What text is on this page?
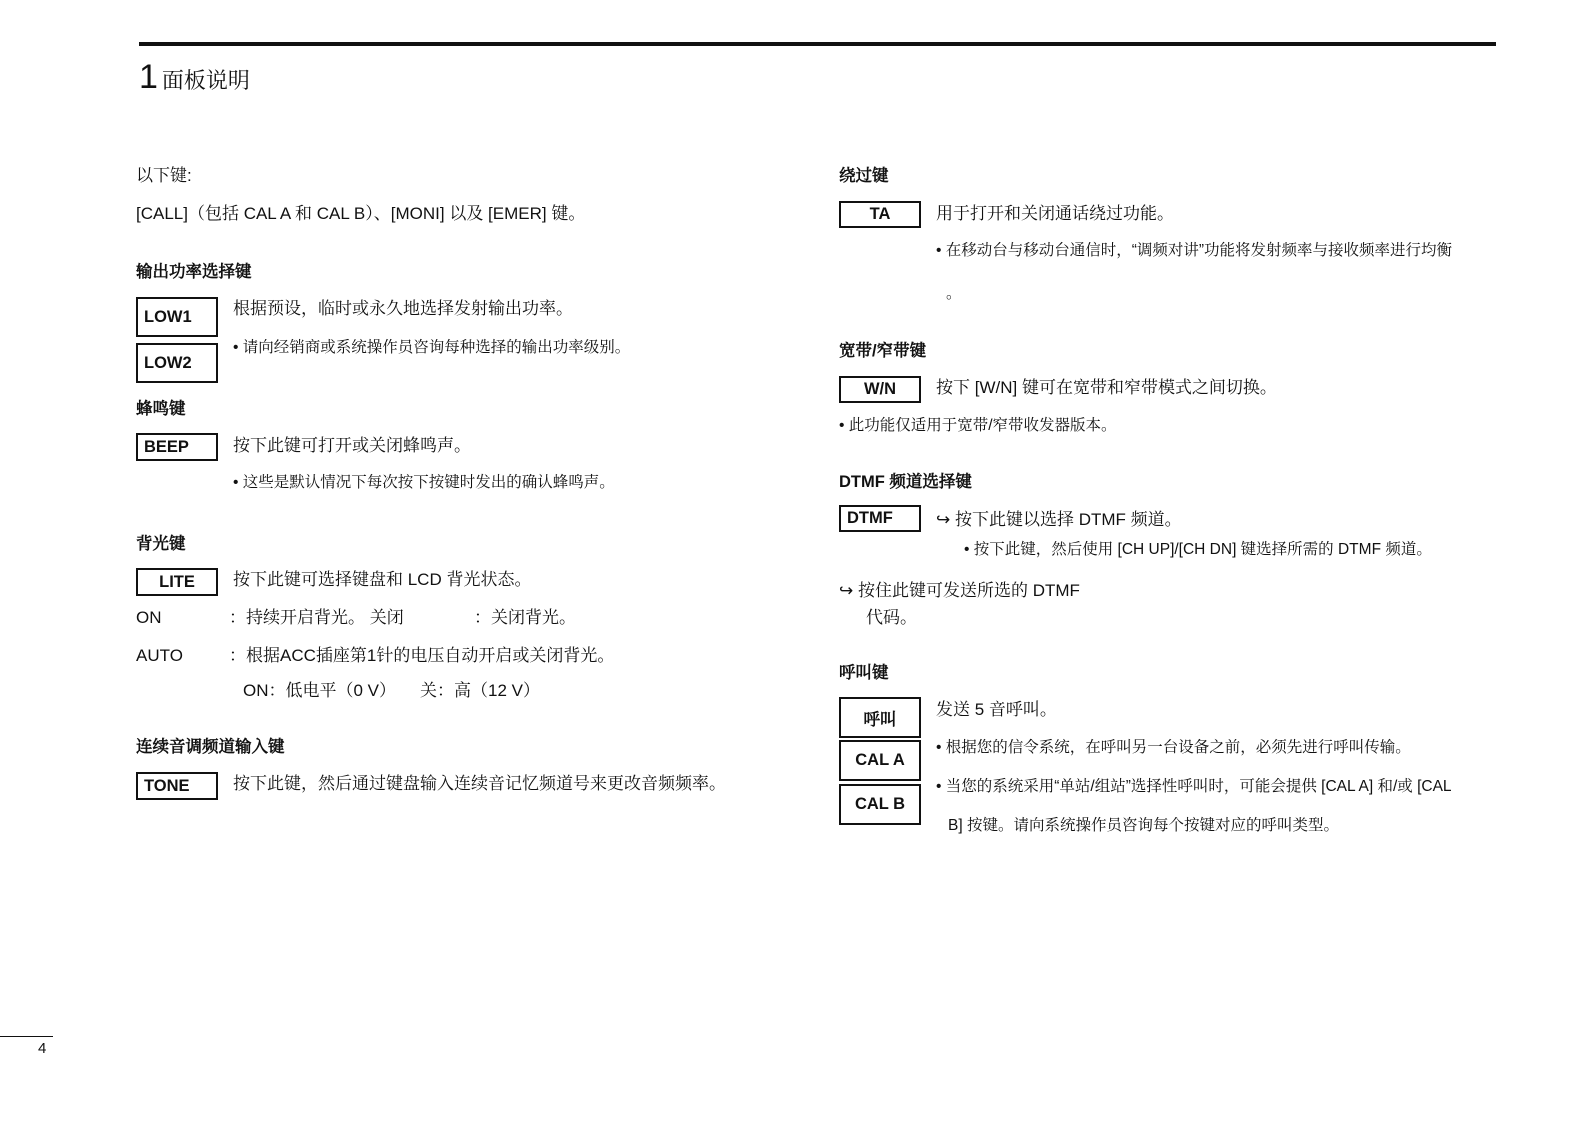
1 面板说明
以下键:
[CALL]（包括 CAL A 和 CAL B）、[MONI] 以及 [EMER] 键。
输出功率选择键
LOW1
LOW2
根据预设，临时或永久地选择发射输出功率。
• 请向经销商或系统操作员咨询每种选择的输出功率级别。
蜂鸣键
BEEP	按下此键可打开或关闭蜂鸣声。
• 这些是默认情况下每次按下按键时发出的确认蜂鸣声。
背光键
LITE	按下此键可选择键盘和 LCD 背光状态。
ON	：持续开启背光。 关闭	：关闭背光。
AUTO	：根据ACC插座第1针的电压自动开启或关闭背光。
ON：低电平（0 V） 关：高（12 V）
连续音调频道输入键
TONE	按下此键，然后通过键盘输入连续音记忆频道号来更改音频频率。
绕过键
TA	用于打开和关闭通话绕过功能。
• 在移动台与移动台通信时，“调频对讲”功能将发射频率与接收频率进行均衡
。
宽带/窄带键
W/N	按下 [W/N] 键可在宽带和窄带模式之间切换。
• 此功能仅适用于宽带/窄带收发器版本。
DTMF 频道选择键
DTMF	↪ 按下此键以选择 DTMF 频道。
• 按下此键，然后使用 [CH UP]/[CH DN] 键选择所需的 DTMF 频道。
↪ 按住此键可发送所选的 DTMF
代码。
呼叫键
呼叫
CAL A
CAL B
发送 5 音呼叫。
• 根据您的信令系统，在呼叫另一台设备之前，必须先进行呼叫传输。
• 当您的系统采用“单站/组站”选择性呼叫时，可能会提供 [CAL A] 和/或 [CAL
B] 按键。请向系统操作员咨询每个按键对应的呼叫类型。
4
